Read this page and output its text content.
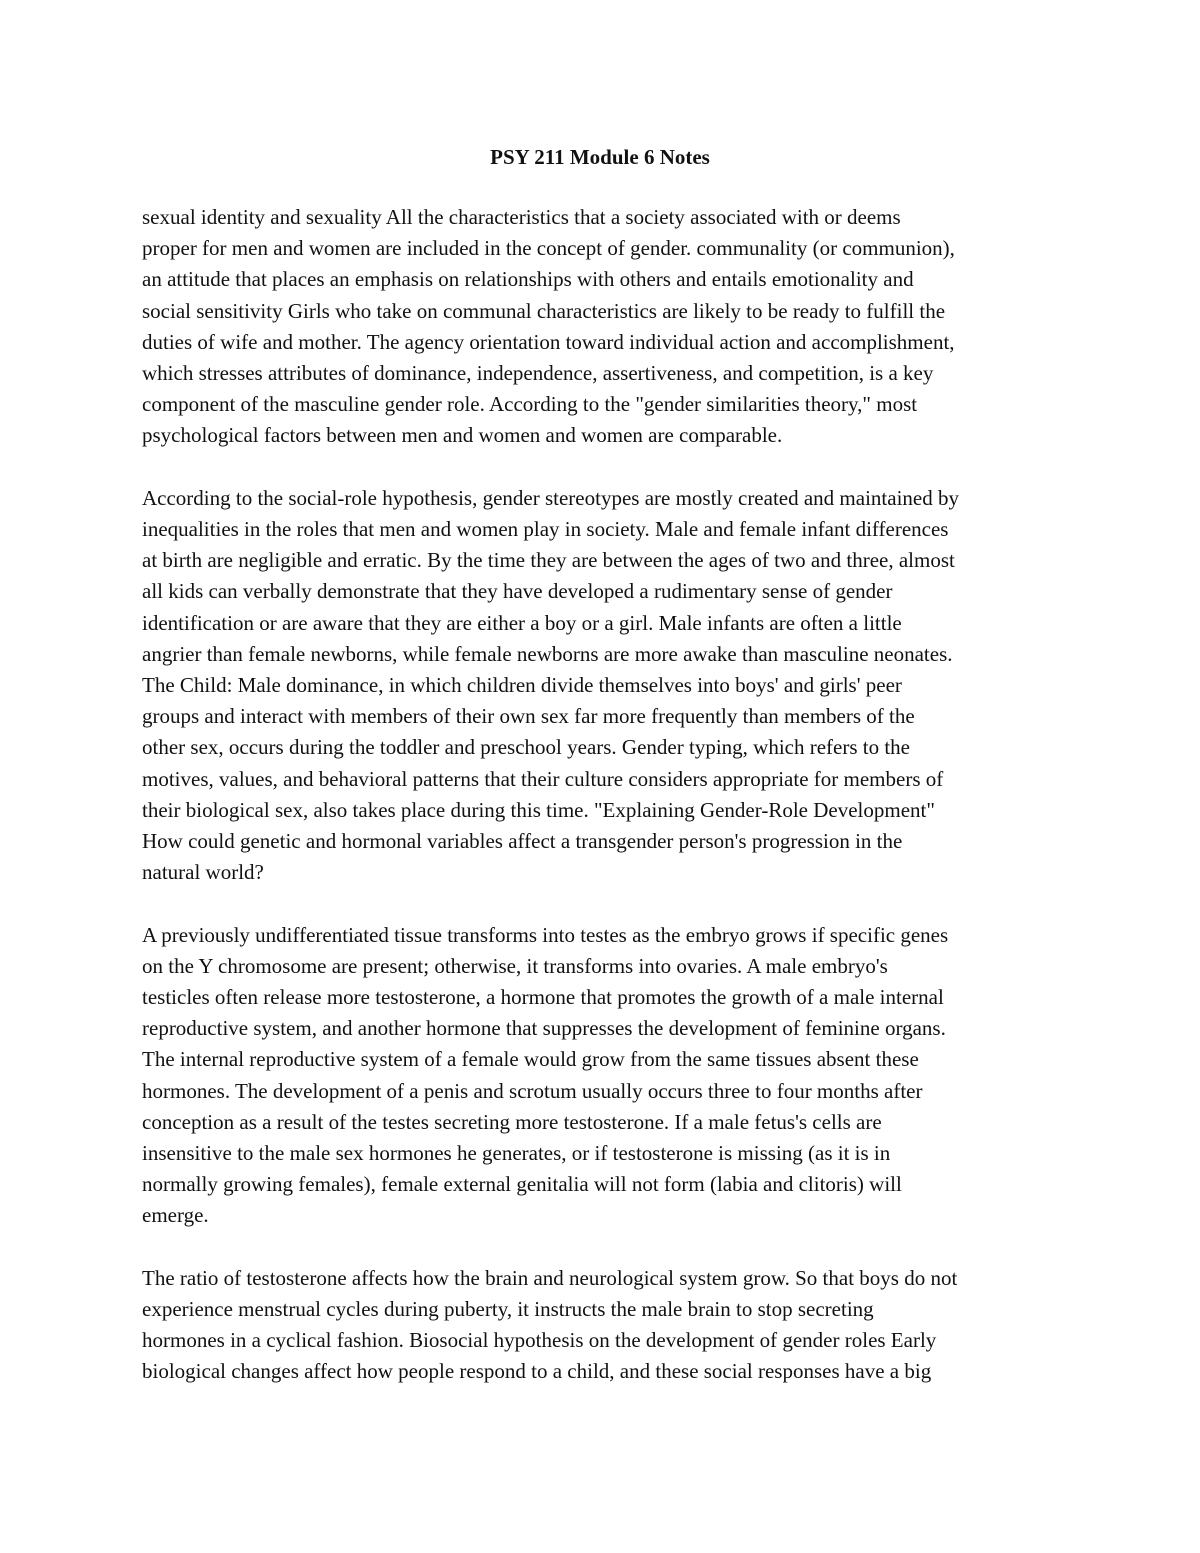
PSY 211 Module 6 Notes

sexual identity and sexuality All the characteristics that a society associated with or deems
proper for men and women are included in the concept of gender. communality (or communion),
an attitude that places an emphasis on relationships with others and entails emotionality and
social sensitivity Girls who take on communal characteristics are likely to be ready to fulfill the
duties of wife and mother. The agency orientation toward individual action and accomplishment,
which stresses attributes of dominance, independence, assertiveness, and competition, is a key
component of the masculine gender role. According to the "gender similarities theory," most
psychological factors between men and women and women are comparable.

According to the social-role hypothesis, gender stereotypes are mostly created and maintained by
inequalities in the roles that men and women play in society. Male and female infant differences
at birth are negligible and erratic. By the time they are between the ages of two and three, almost
all kids can verbally demonstrate that they have developed a rudimentary sense of gender
identification or are aware that they are either a boy or a girl. Male infants are often a little
angrier than female newborns, while female newborns are more awake than masculine neonates.
The Child: Male dominance, in which children divide themselves into boys' and girls' peer
groups and interact with members of their own sex far more frequently than members of the
other sex, occurs during the toddler and preschool years. Gender typing, which refers to the
motives, values, and behavioral patterns that their culture considers appropriate for members of
their biological sex, also takes place during this time. "Explaining Gender-Role Development"
How could genetic and hormonal variables affect a transgender person's progression in the
natural world?

A previously undifferentiated tissue transforms into testes as the embryo grows if specific genes
on the Y chromosome are present; otherwise, it transforms into ovaries. A male embryo's
testicles often release more testosterone, a hormone that promotes the growth of a male internal
reproductive system, and another hormone that suppresses the development of feminine organs.
The internal reproductive system of a female would grow from the same tissues absent these
hormones. The development of a penis and scrotum usually occurs three to four months after
conception as a result of the testes secreting more testosterone. If a male fetus's cells are
insensitive to the male sex hormones he generates, or if testosterone is missing (as it is in
normally growing females), female external genitalia will not form (labia and clitoris) will
emerge.

The ratio of testosterone affects how the brain and neurological system grow. So that boys do not
experience menstrual cycles during puberty, it instructs the male brain to stop secreting
hormones in a cyclical fashion. Biosocial hypothesis on the development of gender roles Early
biological changes affect how people respond to a child, and these social responses have a big
